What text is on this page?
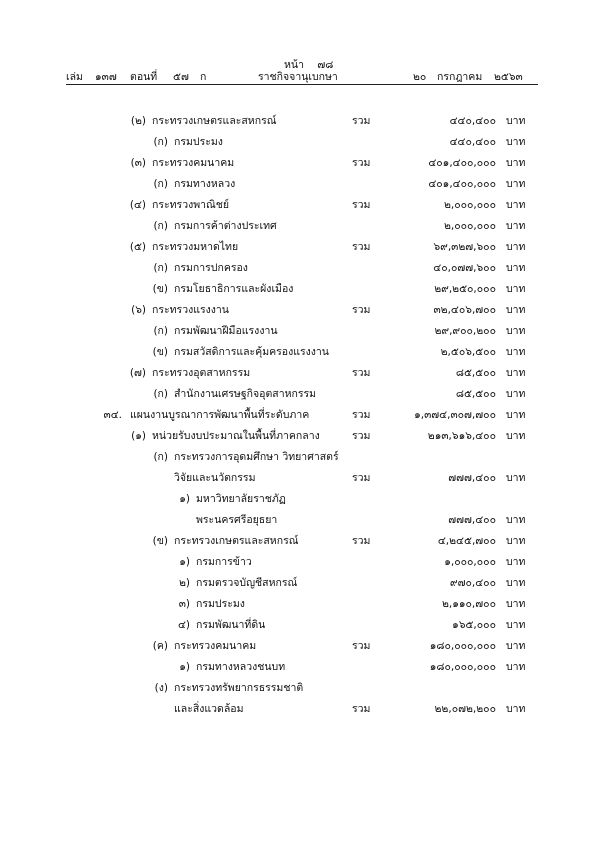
หน้า ๗๘
เล่ม ๑๓๗ ตอนที่ ๕๗ ก	ราชกิจจานุเบกษา	๒๐ กรกฎาคม ๒๕๖๓
(๒) กระทรวงเกษตรและสหกรณ์	รวม	๔๔๐,๔๐๐ บาท
(ก) กรมประมง	๔๔๐,๔๐๐ บาท
(๓) กระทรวงคมนาคม	รวม	๔๐๑,๔๐๐,๐๐๐ บาท
(ก) กรมทางหลวง	๔๐๑,๔๐๐,๐๐๐ บาท
(๔) กระทรวงพาณิชย์	รวม	๒,๐๐๐,๐๐๐ บาท
(ก) กรมการค้าต่างประเทศ	๒,๐๐๐,๐๐๐ บาท
(๕) กระทรวงมหาดไทย	รวม	๖๙,๓๒๗,๖๐๐ บาท
(ก) กรมการปกครอง	๔๐,๐๗๗,๖๐๐ บาท
(ข) กรมโยธาธิการและผังเมือง	๒๙,๒๕๐,๐๐๐ บาท
(๖) กระทรวงแรงงาน	รวม	๓๒,๔๐๖,๗๐๐ บาท
(ก) กรมพัฒนาฝีมือแรงงาน	๒๙,๙๐๐,๒๐๐ บาท
(ข) กรมสวัสดิการและคุ้มครองแรงงาน	๒,๕๐๖,๕๐๐ บาท
(๗) กระทรวงอุตสาหกรรม	รวม	๘๕,๕๐๐ บาท
(ก) สำนักงานเศรษฐกิจอุตสาหกรรม	๘๕,๕๐๐ บาท
๓๔. แผนงานบูรณาการพัฒนาพื้นที่ระดับภาค	รวม	๑,๓๗๔,๓๐๗,๗๐๐ บาท
(๑) หน่วยรับงบประมาณในพื้นที่ภาคกลาง	รวม	๒๑๓,๖๑๖,๔๐๐ บาท
(ก) กระทรวงการอุดมศึกษา วิทยาศาสตร์
วิจัยและนวัตกรรม	รวม	๗๗๗,๔๐๐ บาท
๑) มหาวิทยาลัยราชภัฏ
พระนครศรีอยุธยา	๗๗๗,๔๐๐ บาท
(ข) กระทรวงเกษตรและสหกรณ์	รวม	๔,๒๔๕,๗๐๐ บาท
๑) กรมการข้าว	๑,๐๐๐,๐๐๐ บาท
๒) กรมตรวจบัญชีสหกรณ์	๙๗๐,๔๐๐ บาท
๓) กรมประมง	๒,๑๑๐,๗๐๐ บาท
๔) กรมพัฒนาที่ดิน	๑๖๕,๐๐๐ บาท
(ค) กระทรวงคมนาคม	รวม	๑๘๐,๐๐๐,๐๐๐ บาท
๑) กรมทางหลวงชนบท	๑๘๐,๐๐๐,๐๐๐ บาท
(ง) กระทรวงทรัพยากรธรรมชาติ
และสิ่งแวดล้อม	รวม	๒๒,๐๗๒,๒๐๐ บาท
